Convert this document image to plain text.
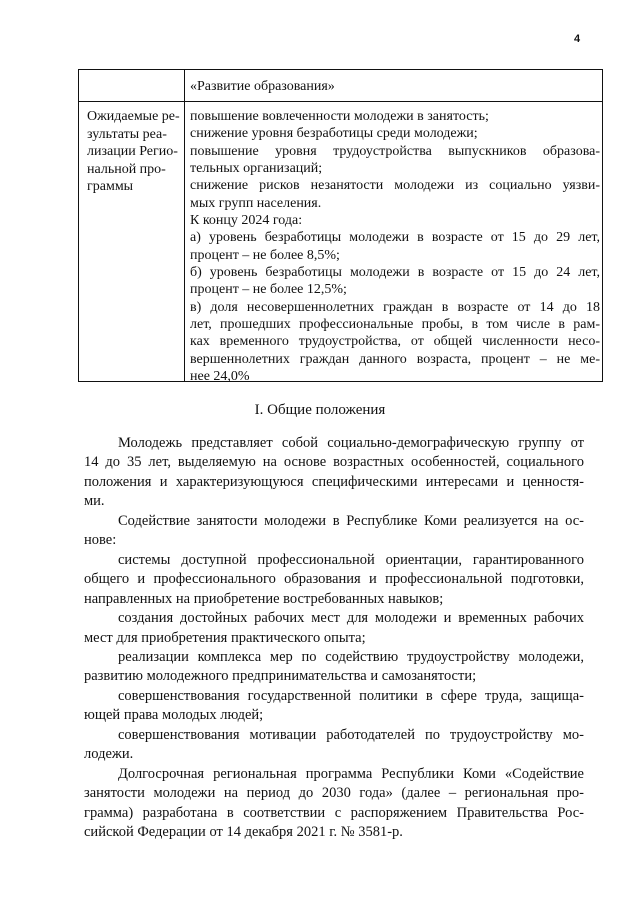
4
«Развитие образования»
Ожидаемые ре-
зультаты реа-
лизации Регио-
нальной про-
граммы
повышение вовлеченности молодежи в занятость;
снижение уровня безработицы среди молодежи;
повышение уровня трудоустройства выпускников образова-
тельных организаций;
снижение рисков незанятости молодежи из социально уязви-
мых групп населения.
К концу 2024 года:
а) уровень безработицы молодежи в возрасте от 15 до 29 лет,
процент – не более 8,5%;
б) уровень безработицы молодежи в возрасте от 15 до 24 лет,
процент – не более 12,5%;
в) доля несовершеннолетних граждан в возрасте от 14 до 18
лет, прошедших профессиональные пробы, в том числе в рам-
ках временного трудоустройства, от общей численности несо-
вершеннолетних граждан данного возраста, процент – не ме-
нее 24,0%
I. Общие положения
Молодежь представляет собой социально-демографическую группу от
14 до 35 лет, выделяемую на основе возрастных особенностей, социального
положения и характеризующуюся специфическими интересами и ценностя-
ми.
Содействие занятости молодежи в Республике Коми реализуется на ос-
нове:
системы доступной профессиональной ориентации, гарантированного
общего и профессионального образования и профессиональной подготовки,
направленных на приобретение востребованных навыков;
создания достойных рабочих мест для молодежи и временных рабочих
мест для приобретения практического опыта;
реализации комплекса мер по содействию трудоустройству молодежи,
развитию молодежного предпринимательства и самозанятости;
совершенствования государственной политики в сфере труда, защища-
ющей права молодых людей;
совершенствования мотивации работодателей по трудоустройству мо-
лодежи.
Долгосрочная региональная программа Республики Коми «Содействие
занятости молодежи на период до 2030 года» (далее – региональная про-
грамма) разработана в соответствии с распоряжением Правительства Рос-
сийской Федерации от 14 декабря 2021 г. № 3581-р.
